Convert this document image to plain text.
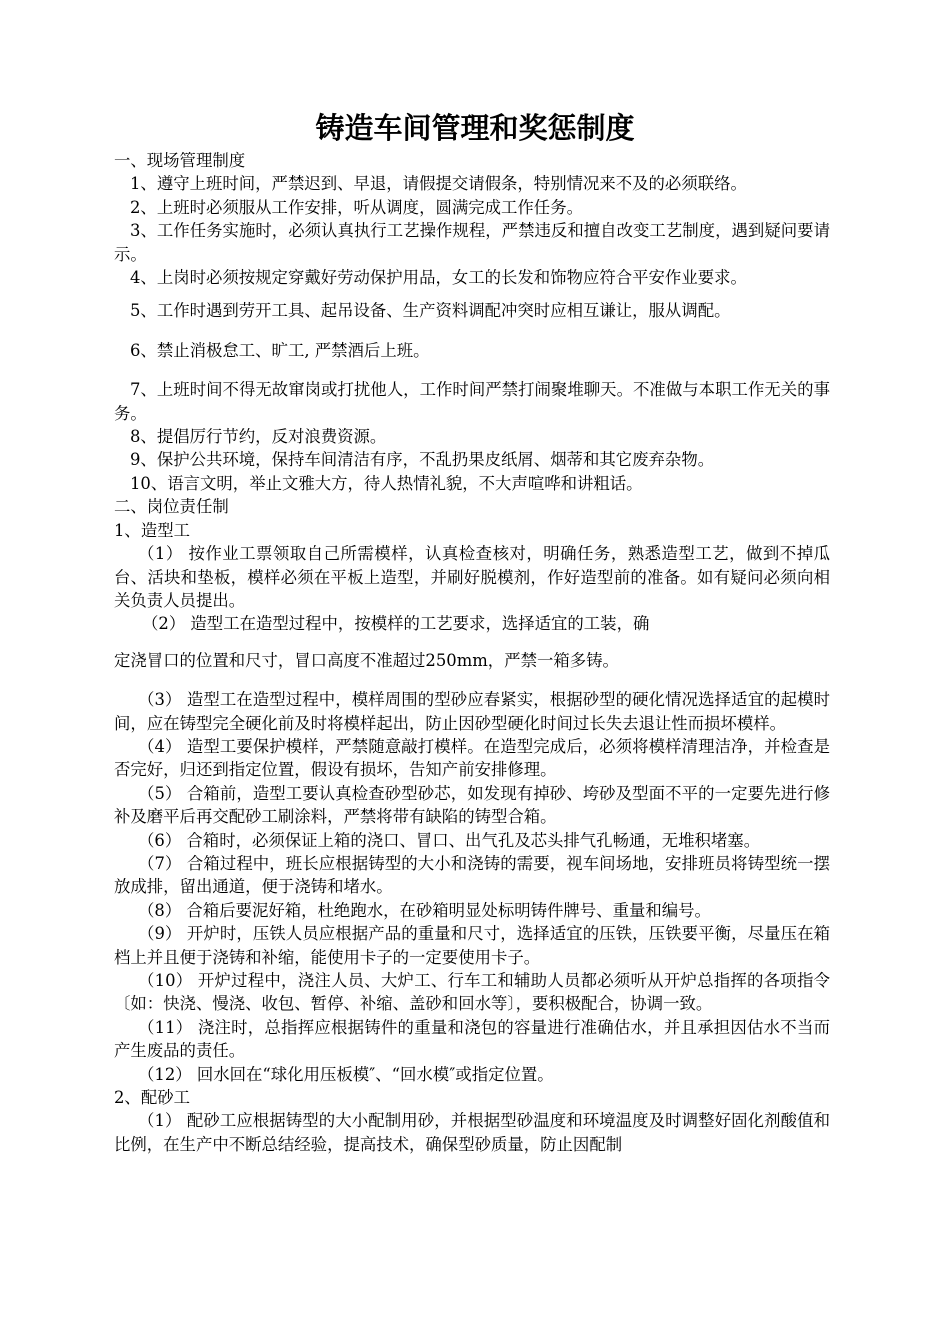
铸造车间管理和奖惩制度

一、现场管理制度

1、遵守上班时间，严禁迟到、早退，请假提交请假条，特别情况来不及的必须联络。

2、上班时必须服从工作安排，听从调度，圆满完成工作任务。

3、工作任务实施时，必须认真执行工艺操作规程，严禁违反和擅自改变工艺制度，遇到疑问要请示。

4、上岗时必须按规定穿戴好劳动保护用品，女工的长发和饰物应符合平安作业要求。

5、工作时遇到劳开工具、起吊设备、生产资料调配冲突时应相互谦让，服从调配。

6、禁止消极怠工、旷工, 严禁酒后上班。

7、上班时间不得无故窜岗或打扰他人，工作时间严禁打闹聚堆聊天。不准做与本职工作无关的事务。

8、提倡厉行节约，反对浪费资源。

9、保护公共环境，保持车间清洁有序，不乱扔果皮纸屑、烟蒂和其它废弃杂物。

10、语言文明，举止文雅大方，待人热情礼貌，不大声喧哗和讲粗话。

二、岗位责任制

1、造型工

（1） 按作业工票领取自己所需模样，认真检查核对，明确任务，熟悉造型工艺，做到不掉瓜台、活块和垫板，模样必须在平板上造型，并刷好脱模剂，作好造型前的准备。如有疑问必须向相关负责人员提出。

（2） 造型工在造型过程中，按模样的工艺要求，选择适宜的工装，确

定浇冒口的位置和尺寸，冒口高度不准超过250mm，严禁一箱多铸。

（3） 造型工在造型过程中，模样周围的型砂应春紧实，根据砂型的硬化情况选择适宜的起模时间，应在铸型完全硬化前及时将模样起出，防止因砂型硬化时间过长失去退让性而损坏模样。

（4） 造型工要保护模样，严禁随意敲打模样。在造型完成后，必须将模样清理洁净，并检查是否完好，归还到指定位置，假设有损坏，告知产前安排修理。

（5） 合箱前，造型工要认真检查砂型砂芯，如发现有掉砂、垮砂及型面不平的一定要先进行修补及磨平后再交配砂工刷涂料，严禁将带有缺陷的铸型合箱。

（6） 合箱时，必须保证上箱的浇口、冒口、出气孔及芯头排气孔畅通，无堆积堵塞。

（7） 合箱过程中，班长应根据铸型的大小和浇铸的需要，视车间场地，安排班员将铸型统一摆放成排，留出通道，便于浇铸和堵水。

（8） 合箱后要泥好箱，杜绝跑水，在砂箱明显处标明铸件牌号、重量和编号。

（9） 开炉时，压铁人员应根据产品的重量和尺寸，选择适宜的压铁，压铁要平衡，尽量压在箱档上并且便于浇铸和补缩，能使用卡子的一定要使用卡子。

（10） 开炉过程中，浇注人员、大炉工、行车工和辅助人员都必须听从开炉总指挥的各项指令〔如：快浇、慢浇、收包、暂停、补缩、盖砂和回水等〕，要积极配合，协调一致。

（11） 浇注时，总指挥应根据铸件的重量和浇包的容量进行准确估水，并且承担因估水不当而产生废品的责任。

（12） 回水回在“球化用压板模″、“回水模″或指定位置。

2、配砂工

（1） 配砂工应根据铸型的大小配制用砂，并根据型砂温度和环境温度及时调整好固化剂酸值和比例，在生产中不断总结经验，提高技术，确保型砂质量，防止因配制
